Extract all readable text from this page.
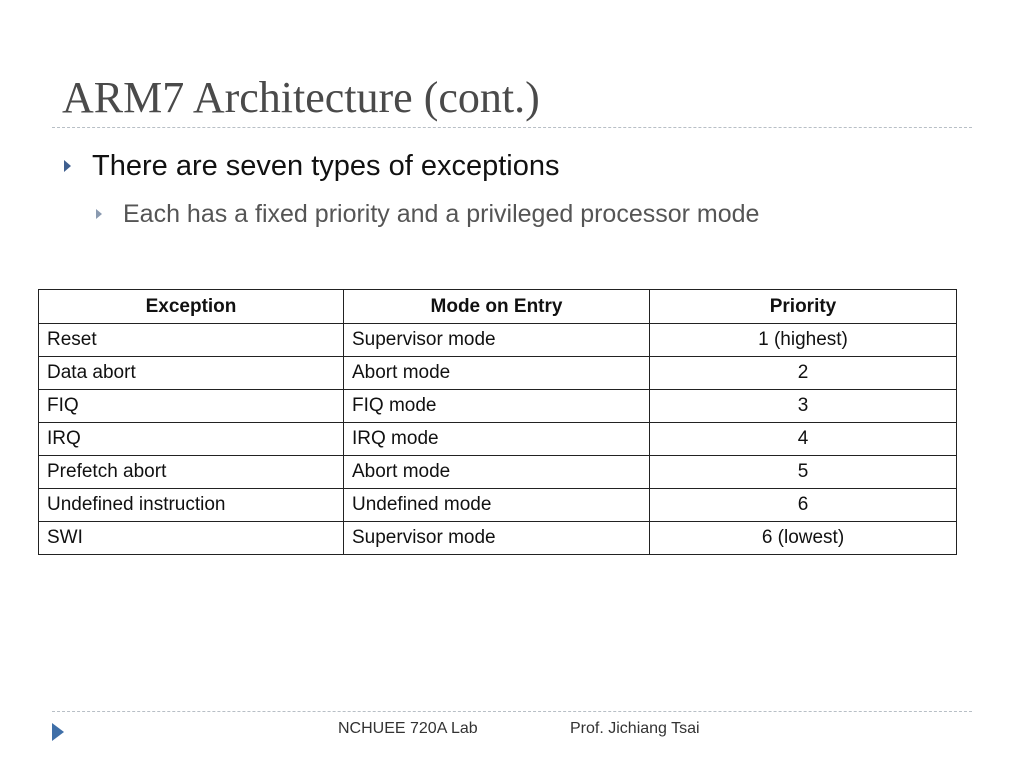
ARM7 Architecture (cont.)
There are seven types of exceptions
Each has a fixed priority and a privileged processor mode
Exception	Mode on Entry	Priority
Reset	Supervisor mode	1 (highest)
Data abort	Abort mode	2
FIQ	FIQ mode	3
IRQ	IRQ mode	4
Prefetch abort	Abort mode	5
Undefined instruction	Undefined mode	6
SWI	Supervisor mode	6 (lowest)
NCHUEE 720A Lab	Prof. Jichiang Tsai
